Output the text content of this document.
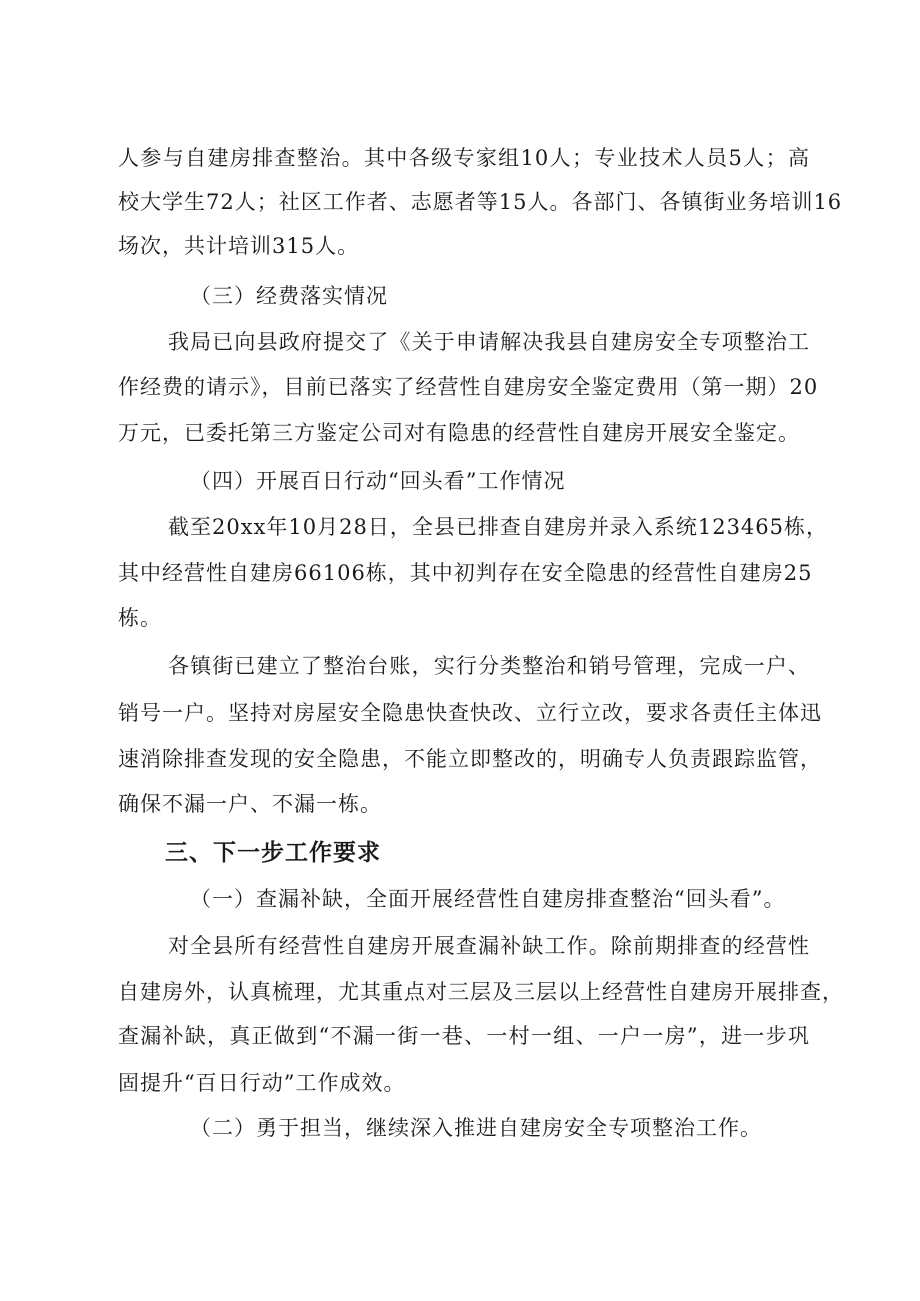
人参与自建房排查整治。其中各级专家组10人；专业技术人员5人；高
校大学生72人；社区工作者、志愿者等15人。各部门、各镇街业务培训16
场次，共计培训315人。
（三）经费落实情况
我局已向县政府提交了《关于申请解决我县自建房安全专项整治工
作经费的请示》，目前已落实了经营性自建房安全鉴定费用（第一期）20
万元，已委托第三方鉴定公司对有隐患的经营性自建房开展安全鉴定。
（四）开展百日行动“回头看”工作情况
截至20xx年10月28日，全县已排查自建房并录入系统123465栋，
其中经营性自建房66106栋，其中初判存在安全隐患的经营性自建房25
栋。
各镇街已建立了整治台账，实行分类整治和销号管理，完成一户、
销号一户。坚持对房屋安全隐患快查快改、立行立改，要求各责任主体迅
速消除排查发现的安全隐患，不能立即整改的，明确专人负责跟踪监管，
确保不漏一户、不漏一栋。
三、下一步工作要求
（一）查漏补缺，全面开展经营性自建房排查整治“回头看”。
对全县所有经营性自建房开展查漏补缺工作。除前期排查的经营性
自建房外，认真梳理，尤其重点对三层及三层以上经营性自建房开展排查，
查漏补缺，真正做到“不漏一街一巷、一村一组、一户一房”，进一步巩
固提升“百日行动”工作成效。
（二）勇于担当，继续深入推进自建房安全专项整治工作。
